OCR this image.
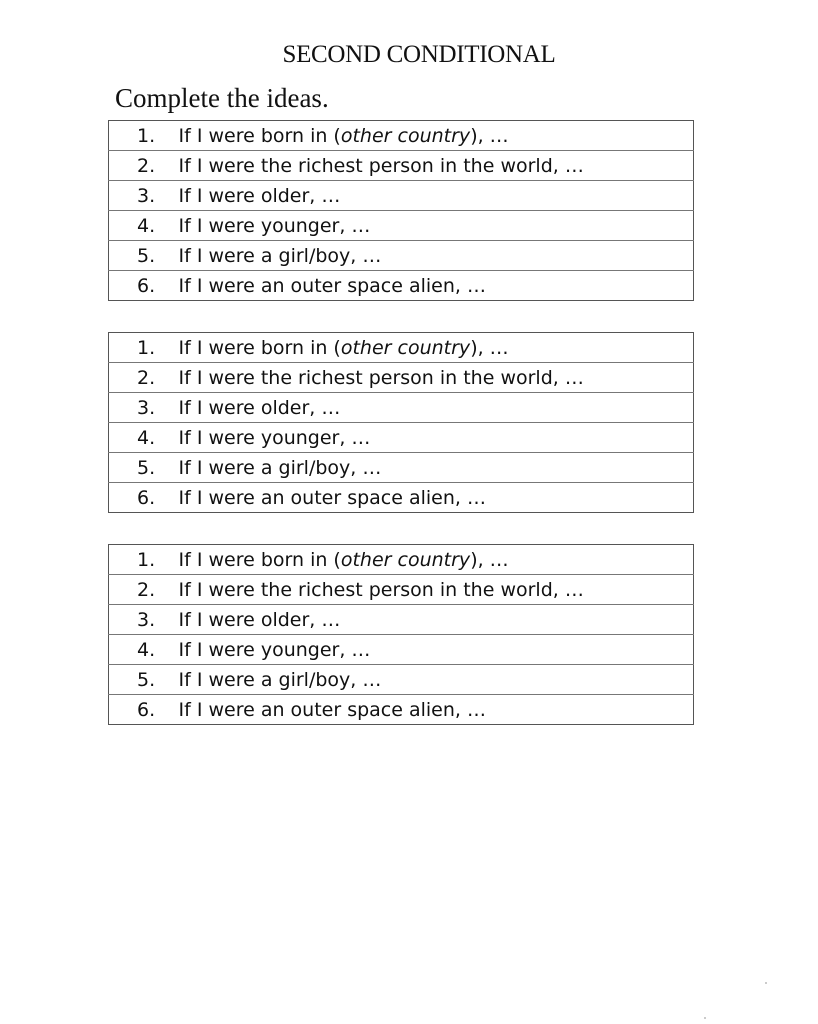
SECOND CONDITIONAL
Complete the ideas.
1.	If I were born in (other country), …
2.	If I were the richest person in the world, …
3.	If I were older, …
4.	If I were younger, …
5.	If I were a girl/boy, …
6.	If I were an outer space alien, …
1.	If I were born in (other country), …
2.	If I were the richest person in the world, …
3.	If I were older, …
4.	If I were younger, …
5.	If I were a girl/boy, …
6.	If I were an outer space alien, …
1.	If I were born in (other country), …
2.	If I were the richest person in the world, …
3.	If I were older, …
4.	If I were younger, …
5.	If I were a girl/boy, …
6.	If I were an outer space alien, …
